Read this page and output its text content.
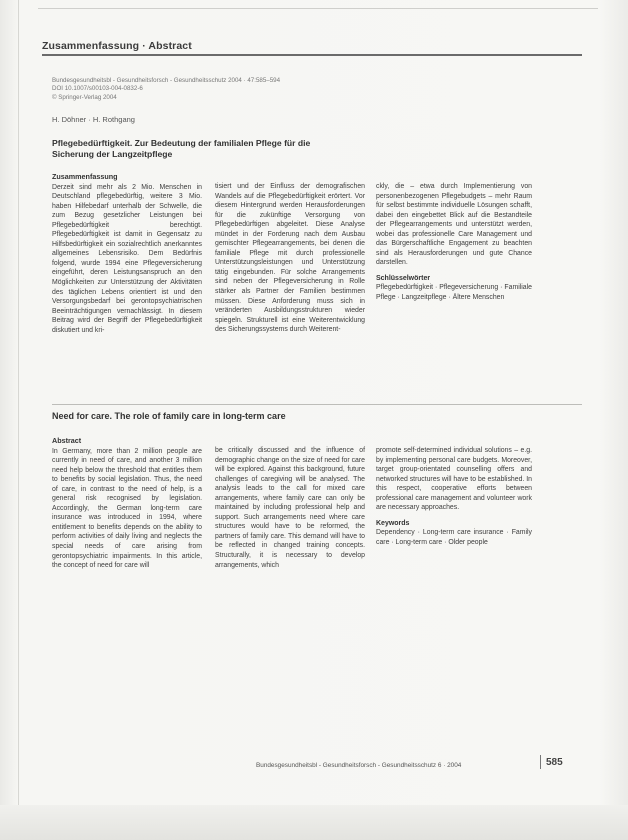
Zusammenfassung · Abstract
Bundesgesundheitsbl - Gesundheitsforsch - Gesundheitsschutz 2004 · 47:585–594
DOI 10.1007/s00103-004-0832-6
© Springer-Verlag 2004
H. Döhner · H. Rothgang
Pflegebedürftigkeit. Zur Bedeutung der familialen Pflege für die Sicherung der Langzeitpflege
Zusammenfassung

Derzeit sind mehr als 2 Mio. Menschen in Deutschland pflegebedürftig, weitere 3 Mio. haben Hilfebedarf unterhalb der Schwelle, die zum Bezug gesetzlicher Leistungen bei Pflegebedürftigkeit berechtigt. Pflegebedürftigkeit ist damit in Gegensatz zu Hilfsbedürftigkeit ein sozialrechtlich anerkanntes allgemeines Lebensrisiko. Dem Bedürfnis folgend, wurde 1994 eine Pflegeversicherung eingeführt, deren Leistungsanspruch an den Möglichkeiten zur Unterstützung der Aktivitäten des täglichen Lebens orientiert ist und den Versorgungsbedarf bei gerontopsychiatrischen Beeinträchtigungen vernachlässigt. In diesem Beitrag wird der Begriff der Pflegebedürftigkeit diskutiert und kri-

tisiert und der Einfluss der demografischen Wandels auf die Pflegebedürftigkeit erörtert. Vor diesem Hintergrund werden Herausforderungen für die zukünftige Versorgung von Pflegebedürftigen abgeleitet. Diese Analyse mündet in der Forderung nach dem Ausbau gemischter Pflegearrangements, bei denen die familiale Pflege mit durch professionelle Unterstützungsleistungen und Unterstützung tätig eingebunden. Für solche Arrangements sind neben der Pflegeversicherung in Rolle stärker als Partner der Familien bestimmen müssen. Diese Anforderung muss sich in veränderten Ausbildungsstrukturen wieder spiegeln. Strukturell ist eine Weiterentwicklung des Sicherungssystems durch Weiterent-

ckly, die – etwa durch Implementierung von personenbezogenen Pflegebudgets – mehr Raum für selbst bestimmte individuelle Lösungen schafft, dabei den eingebettet Blick auf die Bestandteile der Pflegearrangements und unterstützt werden, wobei das professionelle Care Management und das Bürgerschaftliche Engagement zu beachten sind als Herausforderungen und gute Chance darstellen.

Schlüsselwörter

Pflegebedürftigkeit · Pflegeversicherung · Familiale Pflege · Langzeitpflege · Ältere Menschen

Need for care. The role of family care in long-term care
Abstract

In Germany, more than 2 million people are currently in need of care, and another 3 million need help below the threshold that entitles them to benefits by social legislation. Thus, the need of care, in contrast to the need of help, is a general risk recognised by legislation. Accordingly, the German long-term care insurance was introduced in 1994, where entitlement to benefits depends on the ability to perform activities of daily living and neglects the special needs of care arising from gerontopsychiatric impairments. In this article, the concept of need for care will

be critically discussed and the influence of demographic change on the size of need for care will be explored. Against this background, future challenges of caregiving will be analysed. The analysis leads to the call for mixed care arrangements, where family care can only be maintained by including professional help and support. Such arrangements need where care structures would have to be reformed, the partners of family care. This demand will have to be reflected in changed training concepts. Structurally, it is necessary to develop arrangements, which

promote self-determined individual solutions – e.g. by implementing personal care budgets. Moreover, target group-orientated counselling offers and networked structures will have to be established. In this respect, cooperative efforts between professional care management and volunteer work are necessary approaches.

Keywords

Dependency · Long-term care insurance · Family care · Long-term care · Older people

Bundesgesundheitsbl - Gesundheitsforsch - Gesundheitsschutz 6 · 2004	585
